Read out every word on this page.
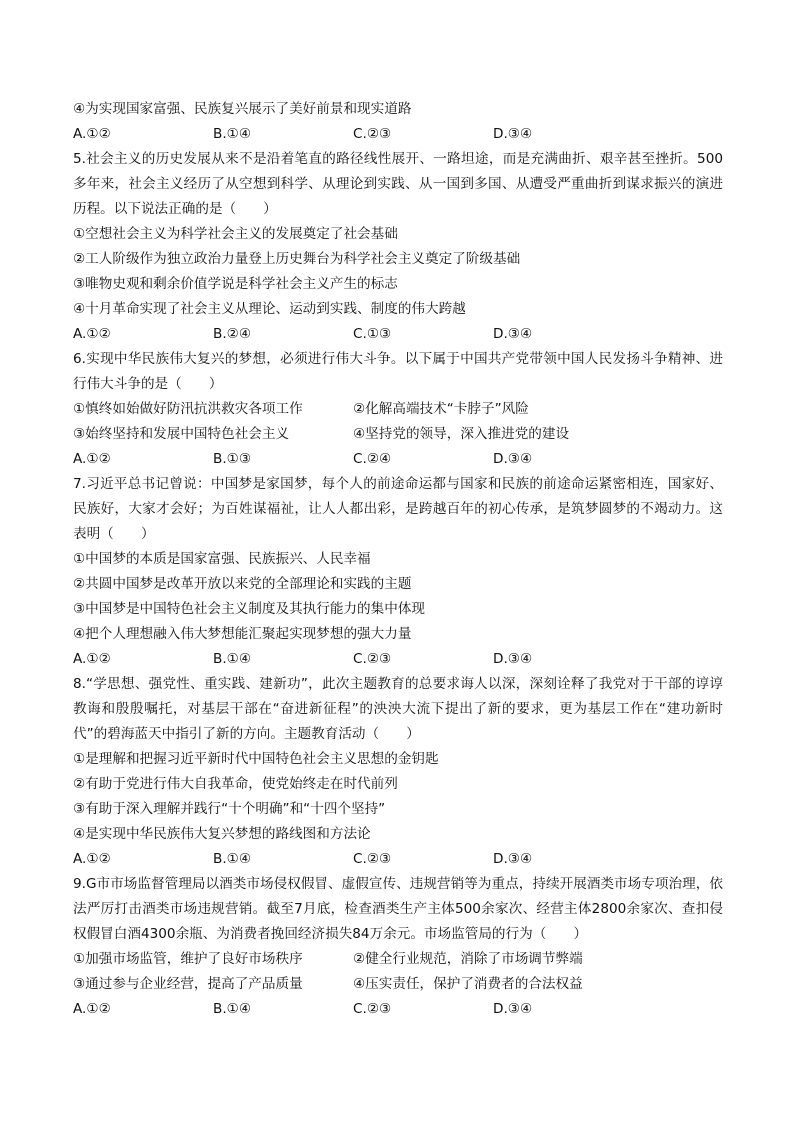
④为实现国家富强、民族复兴展示了美好前景和现实道路
A.①②	B.①④	C.②③	D.③④
5.社会主义的历史发展从来不是沿着笔直的路径线性展开、一路坦途，而是充满曲折、艰辛甚至挫折。500多年来，社会主义经历了从空想到科学、从理论到实践、从一国到多国、从遭受严重曲折到谋求振兴的演进历程。以下说法正确的是（　　）
①空想社会主义为科学社会主义的发展奠定了社会基础
②工人阶级作为独立政治力量登上历史舞台为科学社会主义奠定了阶级基础
③唯物史观和剩余价值学说是科学社会主义产生的标志
④十月革命实现了社会主义从理论、运动到实践、制度的伟大跨越
A.①②	B.②④	C.①③	D.③④
6.实现中华民族伟大复兴的梦想，必须进行伟大斗争。以下属于中国共产党带领中国人民发扬斗争精神、进行伟大斗争的是（　　）
①慎终如始做好防汛抗洪救灾各项工作	②化解高端技术“卡脖子”风险
③始终坚持和发展中国特色社会主义	④坚持党的领导，深入推进党的建设
A.①②	B.①③	C.②④	D.③④
7.习近平总书记曾说：中国梦是家国梦，每个人的前途命运都与国家和民族的前途命运紧密相连，国家好、民族好，大家才会好；为百姓谋福祉，让人人都出彩，是跨越百年的初心传承，是筑梦圆梦的不竭动力。这表明（　　）
①中国梦的本质是国家富强、民族振兴、人民幸福
②共圆中国梦是改革开放以来党的全部理论和实践的主题
③中国梦是中国特色社会主义制度及其执行能力的集中体现
④把个人理想融入伟大梦想能汇聚起实现梦想的强大力量
A.①②	B.①④	C.②③	D.③④
8.“学思想、强党性、重实践、建新功”，此次主题教育的总要求诲人以深，深刻诠释了我党对于干部的谆谆教诲和殷殷嘱托，对基层干部在“奋进新征程”的泱泱大流下提出了新的要求，更为基层工作在“建功新时代”的碧海蓝天中指引了新的方向。主题教育活动（　　）
①是理解和把握习近平新时代中国特色社会主义思想的金钥匙
②有助于党进行伟大自我革命，使党始终走在时代前列
③有助于深入理解并践行“十个明确”和“十四个坚持”
④是实现中华民族伟大复兴梦想的路线图和方法论
A.①②	B.①④	C.②③	D.③④
9.G市市场监督管理局以酒类市场侵权假冒、虚假宣传、违规营销等为重点，持续开展酒类市场专项治理，依法严厉打击酒类市场违规营销。截至7月底，检查酒类生产主体500余家次、经营主体2800余家次、查扣侵权假冒白酒4300余瓶、为消费者挽回经济损失84万余元。市场监管局的行为（　　）
①加强市场监管，维护了良好市场秩序	②健全行业规范，消除了市场调节弊端
③通过参与企业经营，提高了产品质量	④压实责任，保护了消费者的合法权益
A.①②	B.①④	C.②③	D.③④
